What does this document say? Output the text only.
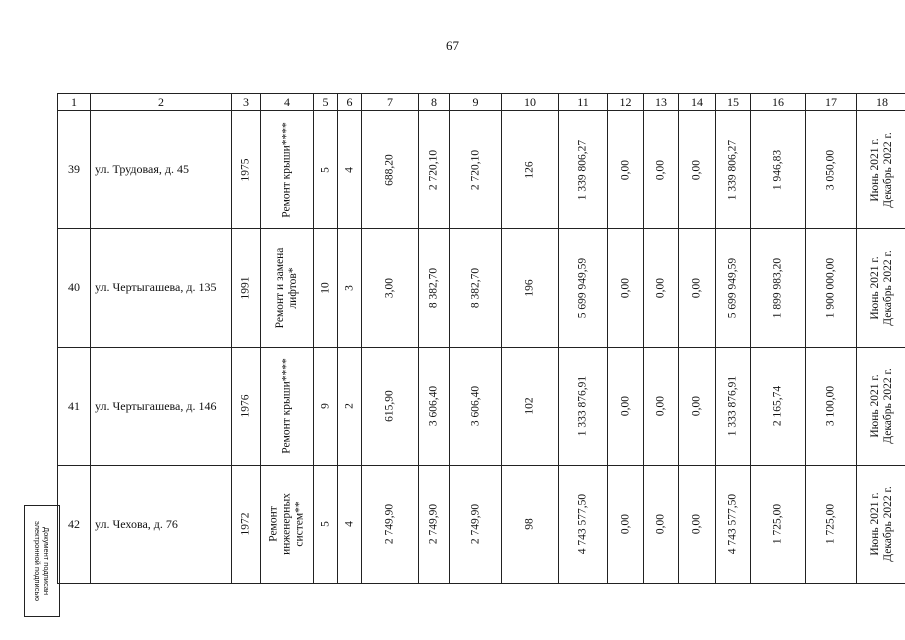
67
1	2	3	4	5	6	7	8	9	10	11	12	13	14	15	16	17	18
39	ул. Трудовая, д. 45	1975	Ремонт крыши****	5	4	688,20	2 720,10	2 720,10	126	1 339 806,27	0,00	0,00	0,00	1 339 806,27	1 946,83	3 050,00	Июнь 2021 г.
Декабрь 2022 г.

40	ул. Чертыгашева, д. 135	1991	Ремонт и замена
лифтов*	10	3	3,00	8 382,70	8 382,70	196	5 699 949,59	0,00	0,00	0,00	5 699 949,59	1 899 983,20	1 900 000,00	Июнь 2021 г.
Декабрь 2022 г.

41	ул. Чертыгашева, д. 146	1976	Ремонт крыши****	9	2	615,90	3 606,40	3 606,40	102	1 333 876,91	0,00	0,00	0,00	1 333 876,91	2 165,74	3 100,00	Июнь 2021 г.
Декабрь 2022 г.

42	ул. Чехова, д. 76	1972	Ремонт
инженерных
систем**	5	4	2 749,90	2 749,90	2 749,90	98	4 743 577,50	0,00	0,00	0,00	4 743 577,50	1 725,00	1 725,00	Июнь 2021 г.
Декабрь 2022 г.
Документ подписан
электронной подписью
